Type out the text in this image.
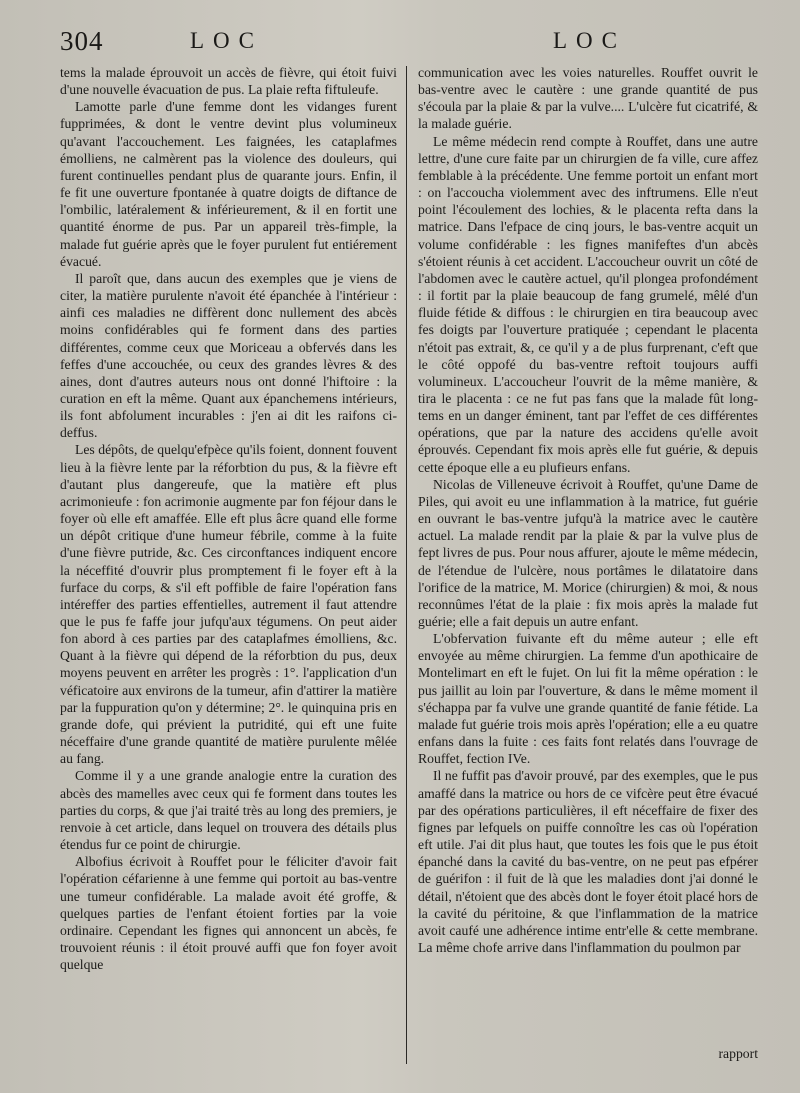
304	LOC	LOC

tems la malade éprouvoit un accès de fièvre, qui étoit fuivi d'une nouvelle évacuation de pus. La plaie refta fiftuleufe.

Lamotte parle d'une femme dont les vidanges furent fupprimées, & dont le ventre devint plus volumineux qu'avant l'accouchement. Les faignées, les cataplafmes émolliens, ne calmèrent pas la violence des douleurs, qui furent continuelles pendant plus de quarante jours. Enfin, il fe fit une ouverture fpontanée à quatre doigts de diftance de l'ombilic, latéralement & inférieurement, & il en fortit une quantité énorme de pus. Par un appareil très-fimple, la malade fut guérie après que le foyer purulent fut entiérement évacué.

Il paroît que, dans aucun des exemples que je viens de citer, la matière purulente n'avoit été épanchée à l'intérieur : ainfi ces maladies ne diffèrent donc nullement des abcès moins confidérables qui fe forment dans des parties différentes, comme ceux que Moriceau a obfervés dans les feffes d'une accouchée, ou ceux des grandes lèvres & des aines, dont d'autres auteurs nous ont donné l'hiftoire : la curation en eft la même. Quant aux épanchemens intérieurs, ils font abfolument incurables : j'en ai dit les raifons ci-deffus.

Les dépôts, de quelqu'efpèce qu'ils foient, donnent fouvent lieu à la fièvre lente par la réforbtion du pus, & la fièvre eft d'autant plus dangereufe, que la matière eft plus acrimonieufe : fon acrimonie augmente par fon féjour dans le foyer où elle eft amaffée. Elle eft plus âcre quand elle forme un dépôt critique d'une humeur fébrile, comme à la fuite d'une fièvre putride, &c. Ces circonftances indiquent encore la néceffité d'ouvrir plus promptement fi le foyer eft à la furface du corps, & s'il eft poffible de faire l'opération fans intéreffer des parties effentielles, autrement il faut attendre que le pus fe faffe jour jufqu'aux tégumens. On peut aider fon abord à ces parties par des cataplafmes émolliens, &c. Quant à la fièvre qui dépend de la réforbtion du pus, deux moyens peuvent en arrêter les progrès : 1°. l'application d'un véficatoire aux environs de la tumeur, afin d'attirer la matière par la fuppuration qu'on y détermine; 2°. le quinquina pris en grande dofe, qui prévient la putridité, qui eft une fuite néceffaire d'une grande quantité de matière purulente mêlée au fang.

Comme il y a une grande analogie entre la curation des abcès des mamelles avec ceux qui fe forment dans toutes les parties du corps, & que j'ai traité très au long des premiers, je renvoie à cet article, dans lequel on trouvera des détails plus étendus fur ce point de chirurgie.

Albofius écrivoit à Rouffet pour le féliciter d'avoir fait l'opération céfarienne à une femme qui portoit au bas-ventre une tumeur confidérable. La malade avoit été groffe, & quelques parties de l'enfant étoient forties par la voie ordinaire. Cependant les fignes qui annoncent un abcès, fe trouvoient réunis : il étoit prouvé auffi que fon foyer avoit quelque

communication avec les voies naturelles. Rouffet ouvrit le bas-ventre avec le cautère : une grande quantité de pus s'écoula par la plaie & par la vulve.... L'ulcère fut cicatrifé, & la malade guérie.

Le même médecin rend compte à Rouffet, dans une autre lettre, d'une cure faite par un chirurgien de fa ville, cure affez femblable à la précédente. Une femme portoit un enfant mort : on l'accoucha violemment avec des inftrumens. Elle n'eut point l'écoulement des lochies, & le placenta refta dans la matrice. Dans l'efpace de cinq jours, le bas-ventre acquit un volume confidérable : les fignes manifeftes d'un abcès s'étoient réunis à cet accident. L'accoucheur ouvrit un côté de l'abdomen avec le cautère actuel, qu'il plongea profondément : il fortit par la plaie beaucoup de fang grumelé, mêlé d'un fluide fétide & diffous : le chirurgien en tira beaucoup avec fes doigts par l'ouverture pratiquée ; cependant le placenta n'étoit pas extrait, &, ce qu'il y a de plus furprenant, c'eft que le côté oppofé du bas-ventre reftoit toujours auffi volumineux. L'accoucheur l'ouvrit de la même manière, & tira le placenta : ce ne fut pas fans que la malade fût long-tems en un danger éminent, tant par l'effet de ces différentes opérations, que par la nature des accidens qu'elle avoit éprouvés. Cependant fix mois après elle fut guérie, & depuis cette époque elle a eu plufieurs enfans.

Nicolas de Villeneuve écrivoit à Rouffet, qu'une Dame de Piles, qui avoit eu une inflammation à la matrice, fut guérie en ouvrant le bas-ventre jufqu'à la matrice avec le cautère actuel. La malade rendit par la plaie & par la vulve plus de fept livres de pus. Pour nous affurer, ajoute le même médecin, de l'étendue de l'ulcère, nous portâmes le dilatatoire dans l'orifice de la matrice, M. Morice (chirurgien) & moi, & nous reconnûmes l'état de la plaie : fix mois après la malade fut guérie; elle a fait depuis un autre enfant.

L'obfervation fuivante eft du même auteur ; elle eft envoyée au même chirurgien. La femme d'un apothicaire de Montelimart en eft le fujet. On lui fit la même opération : le pus jaillit au loin par l'ouverture, & dans le même moment il s'échappa par fa vulve une grande quantité de fanie fétide. La malade fut guérie trois mois après l'opération; elle a eu quatre enfans dans la fuite : ces faits font relatés dans l'ouvrage de Rouffet, fection IVe.

Il ne fuffit pas d'avoir prouvé, par des exemples, que le pus amaffé dans la matrice ou hors de ce vifcère peut être évacué par des opérations particulières, il eft néceffaire de fixer des fignes par lefquels on puiffe connoître les cas où l'opération eft utile. J'ai dit plus haut, que toutes les fois que le pus étoit épanché dans la cavité du bas-ventre, on ne peut pas efpérer de guérifon : il fuit de là que les maladies dont j'ai donné le détail, n'étoient que des abcès dont le foyer étoit placé hors de la cavité du péritoine, & que l'inflammation de la matrice avoit caufé une adhérence intime entr'elle & cette membrane. La même chofe arrive dans l'inflammation du poulmon par

rapport
